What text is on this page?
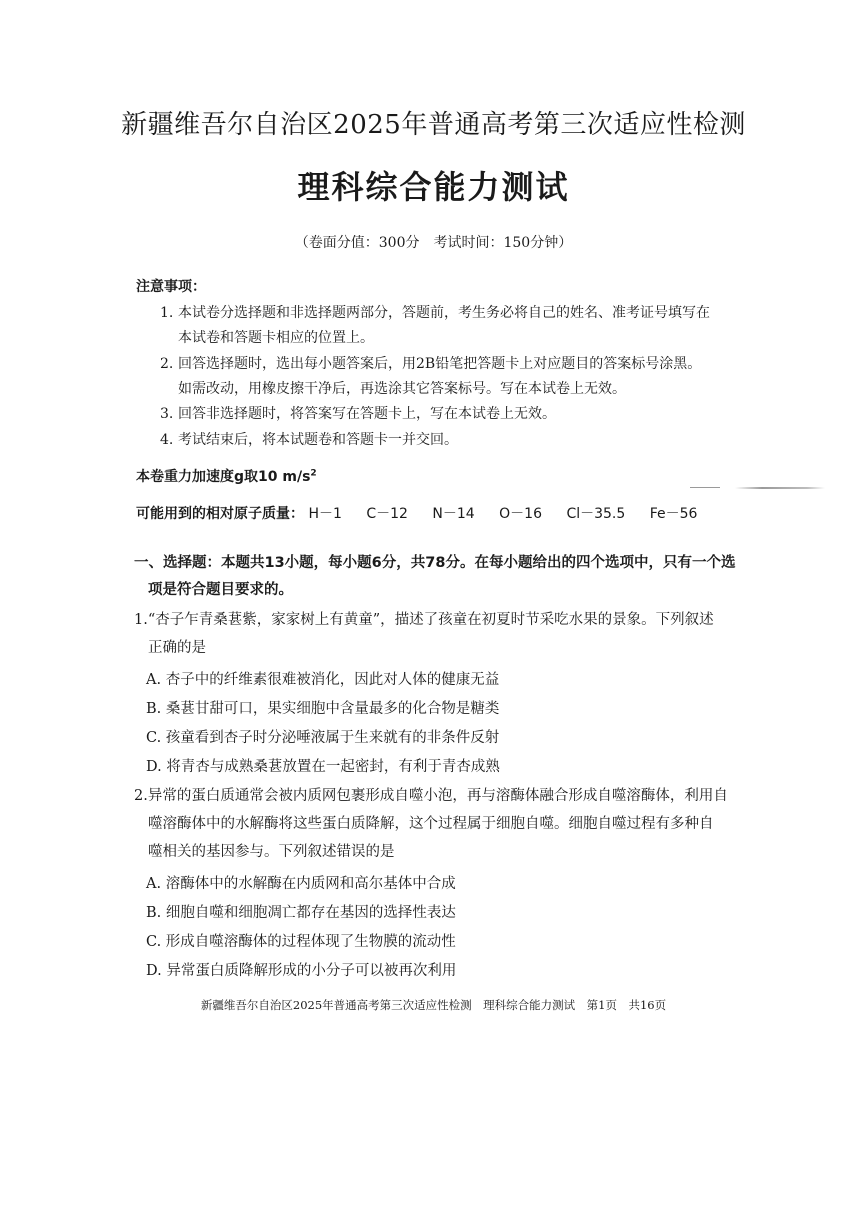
新疆维吾尔自治区2025年普通高考第三次适应性检测
理科综合能力测试
（卷面分值：300分　考试时间：150分钟）
注意事项：
1. 本试卷分选择题和非选择题两部分，答题前，考生务必将自己的姓名、准考证号填写在
本试卷和答题卡相应的位置上。
2. 回答选择题时，选出每小题答案后，用2B铅笔把答题卡上对应题目的答案标号涂黑。
如需改动，用橡皮擦干净后，再选涂其它答案标号。写在本试卷上无效。
3. 回答非选择题时，将答案写在答题卡上，写在本试卷上无效。
4. 考试结束后，将本试题卷和答题卡一并交回。
本卷重力加速度g取10 $m/s^2$
可能用到的相对原子质量： H－1 C－12 N－14 O－16 Cl－35.5 Fe－56
一、选择题：本题共13小题，每小题6分，共78分。在每小题给出的四个选项中，只有一个选
项是符合题目要求的。
1.“杏子乍青桑葚紫，家家树上有黄童”，描述了孩童在初夏时节采吃水果的景象。下列叙述
正确的是
A. 杏子中的纤维素很难被消化，因此对人体的健康无益
B. 桑葚甘甜可口，果实细胞中含量最多的化合物是糖类
C. 孩童看到杏子时分泌唾液属于生来就有的非条件反射
D. 将青杏与成熟桑葚放置在一起密封，有利于青杏成熟
2.异常的蛋白质通常会被内质网包裹形成自噬小泡，再与溶酶体融合形成自噬溶酶体，利用自
噬溶酶体中的水解酶将这些蛋白质降解，这个过程属于细胞自噬。细胞自噬过程有多种自
噬相关的基因参与。下列叙述错误的是
A. 溶酶体中的水解酶在内质网和高尔基体中合成
B. 细胞自噬和细胞凋亡都存在基因的选择性表达
C. 形成自噬溶酶体的过程体现了生物膜的流动性
D. 异常蛋白质降解形成的小分子可以被再次利用
新疆维吾尔自治区2025年普通高考第三次适应性检测　理科综合能力测试　第1页　共16页
